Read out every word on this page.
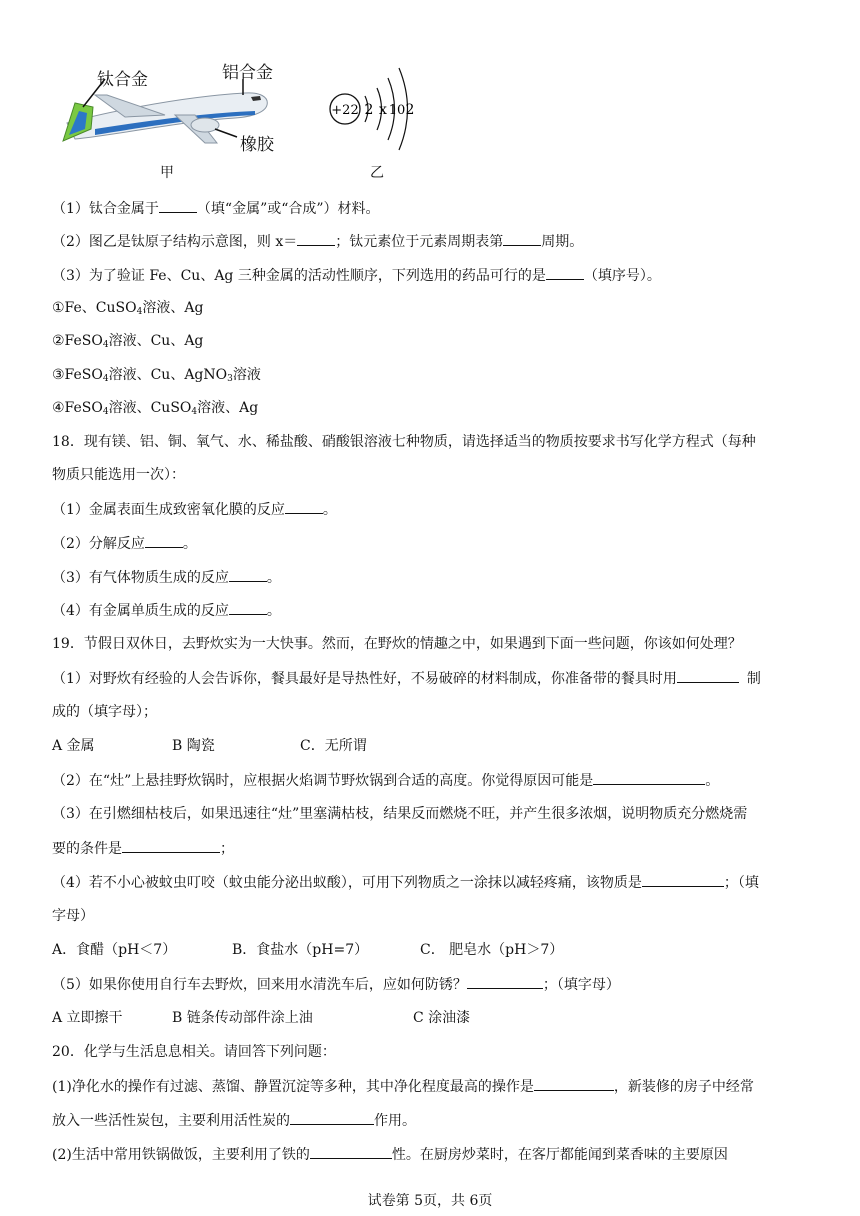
钛合金	铝合金
橡胶
甲
+22 2 x 10 2
乙
（1）钛合金属于	（填“金属”或“合成”）材料。
（2）图乙是钛原子结构示意图，则 x＝	；钛元素位于元素周期表第	周期。
（3）为了验证 Fe、Cu、Ag 三种金属的活动性顺序，下列选用的药品可行的是	（填序号）。
①Fe、CuSO$_4$溶液、Ag
②FeSO$_4$溶液、Cu、Ag
③FeSO$_4$溶液、Cu、AgNO$_3$溶液
④FeSO$_4$溶液、CuSO$_4$溶液、Ag
18．现有镁、铝、铜、氧气、水、稀盐酸、硝酸银溶液七种物质，请选择适当的物质按要求书写化学方程式（每种
物质只能选用一次）：
（1）金属表面生成致密氧化膜的反应	。
（2）分解反应	。
（3）有气体物质生成的反应	。
（4）有金属单质生成的反应	。
19．节假日双休日，去野炊实为一大快事。然而，在野炊的情趣之中，如果遇到下面一些问题，你该如何处理？
（1）对野炊有经验的人会告诉你，餐具最好是导热性好，不易破碎的材料制成，你准备带的餐具时用	制
成的（填字母）；
A 金属	B 陶瓷	C．无所谓
（2）在“灶”上悬挂野炊锅时，应根据火焰调节野炊锅到合适的高度。你觉得原因可能是	。
（3）在引燃细枯枝后，如果迅速往“灶”里塞满枯枝，结果反而燃烧不旺，并产生很多浓烟，说明物质充分燃烧需
要的条件是	；
（4）若不小心被蚊虫叮咬（蚊虫能分泌出蚁酸），可用下列物质之一涂抹以减轻疼痛，该物质是	；（填
字母）
A．食醋（pH＜7）	B．食盐水（pH=7）	C． 肥皂水（pH＞7）
（5）如果你使用自行车去野炊，回来用水清洗车后，应如何防锈？	；（填字母）
A 立即擦干	B 链条传动部件涂上油	C 涂油漆
20．化学与生活息息相关。请回答下列问题：
(1)净化水的操作有过滤、蒸馏、静置沉淀等多种，其中净化程度最高的操作是	，新装修的房子中经常
放入一些活性炭包，主要利用活性炭的	作用。
(2)生活中常用铁锅做饭，主要利用了铁的	性。在厨房炒菜时，在客厅都能闻到菜香味的主要原因
试卷第 5页，共 6页
